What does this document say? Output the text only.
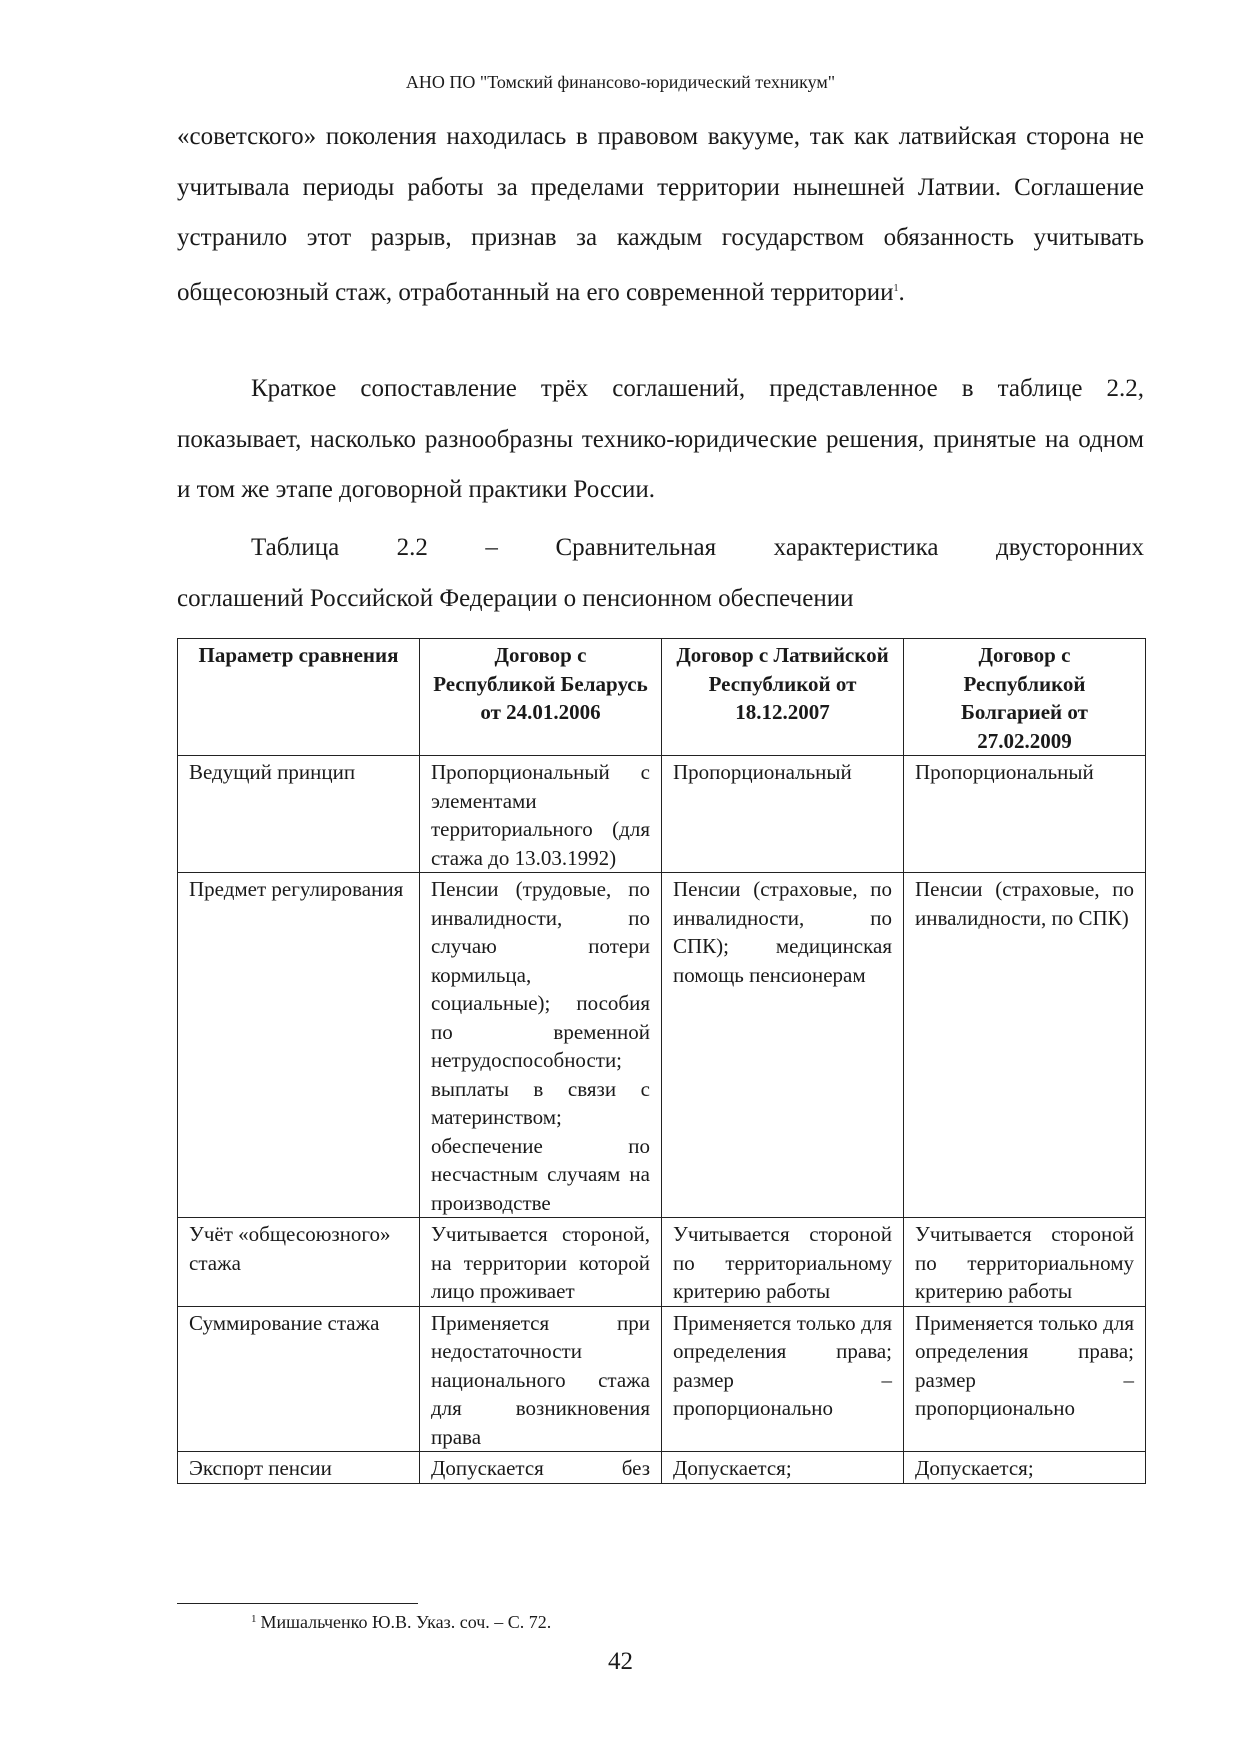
АНО ПО "Томский финансово-юридический техникум"

«советского» поколения находилась в правовом вакууме, так как латвийская сторона не учитывала периоды работы за пределами территории нынешней Латвии. Соглашение устранило этот разрыв, признав за каждым государством обязанность учитывать общесоюзный стаж, отработанный на его современной территории$^1$.

Краткое сопоставление трёх соглашений, представленное в таблице 2.2, показывает, насколько разнообразны технико-юридические решения, принятые на одном и том же этапе договорной практики России.

Таблица 2.2 – Сравнительная характеристика двусторонних
соглашений Российской Федерации о пенсионном обеспечении

Параметр сравнения	Договор с Республикой Беларусь от 24.01.2006	Договор с Латвийской Республикой от 18.12.2007	Договор с Республикой Болгарией от 27.02.2009
Ведущий принцип	Пропорциональный с элементами территориального (для стажа до 13.03.1992)	Пропорциональный	Пропорциональный
Предмет регулирования	Пенсии (трудовые, по инвалидности, по случаю потери кормильца, социальные); пособия по временной нетрудоспособности; выплаты в связи с материнством; обеспечение по несчастным случаям на производстве	Пенсии (страховые, по инвалидности, по СПК); медицинская помощь пенсионерам	Пенсии (страховые, по инвалидности, по СПК)
Учёт «общесоюзного» стажа	Учитывается стороной, на территории которой лицо проживает	Учитывается стороной по территориальному критерию работы	Учитывается стороной по территориальному критерию работы
Суммирование стажа	Применяется при недостаточности национального стажа для возникновения права	Применяется только для определения права; размер – пропорционально	Применяется только для определения права; размер – пропорционально
Экспорт пенсии	Допускается без	Допускается;	Допускается;
$^1$ Мишальченко Ю.В. Указ. соч. – С. 72.
42
